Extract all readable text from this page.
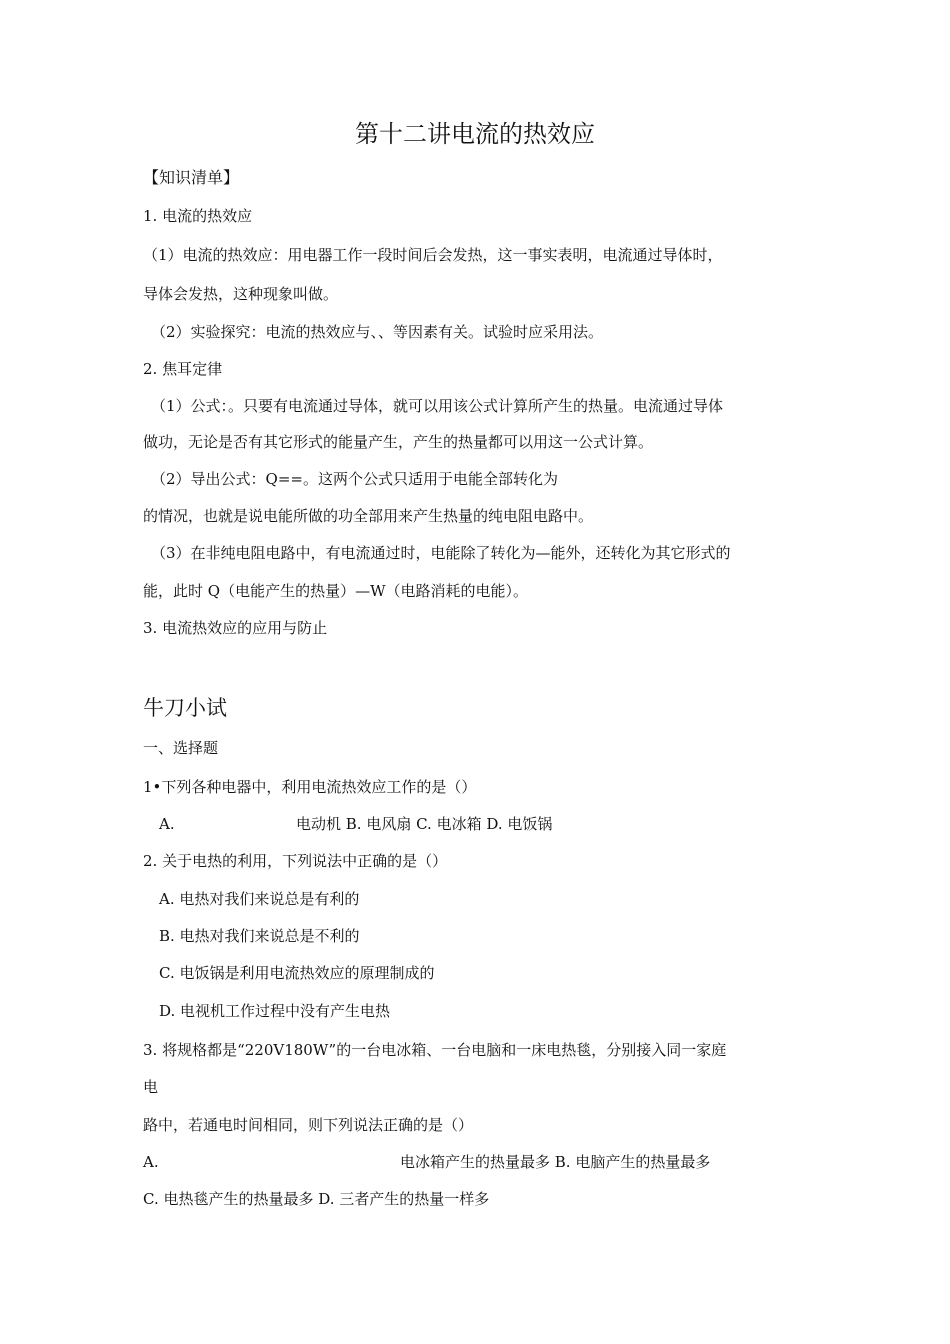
第十二讲电流的热效应
【知识清单】
1. 电流的热效应
（1）电流的热效应：用电器工作一段时间后会发热，这一事实表明，电流通过导体时，
导体会发热，这种现象叫做。
（2）实验探究：电流的热效应与、、等因素有关。试验时应采用法。
2. 焦耳定律
（1）公式：。只要有电流通过导体，就可以用该公式计算所产生的热量。电流通过导体
做功，无论是否有其它形式的能量产生，产生的热量都可以用这一公式计算。
（2）导出公式：Q==。这两个公式只适用于电能全部转化为
的情况，也就是说电能所做的功全部用来产生热量的纯电阻电路中。
（3）在非纯电阻电路中，有电流通过时，电能除了转化为—能外，还转化为其它形式的
能，此时 Q（电能产生的热量）—W（电路消耗的电能）。
3. 电流热效应的应用与防止
牛刀小试
一、选择题
1•下列各种电器中，利用电流热效应工作的是（）
A.	电动机 B. 电风扇 C. 电冰箱 D. 电饭锅
2. 关于电热的利用，下列说法中正确的是（）
A. 电热对我们来说总是有利的
B. 电热对我们来说总是不利的
C. 电饭锅是利用电流热效应的原理制成的
D. 电视机工作过程中没有产生电热
3. 将规格都是“220V180W”的一台电冰箱、一台电脑和一床电热毯，分别接入同一家庭
电
路中，若通电时间相同，则下列说法正确的是（）
A.	电冰箱产生的热量最多 B. 电脑产生的热量最多
C. 电热毯产生的热量最多 D. 三者产生的热量一样多
